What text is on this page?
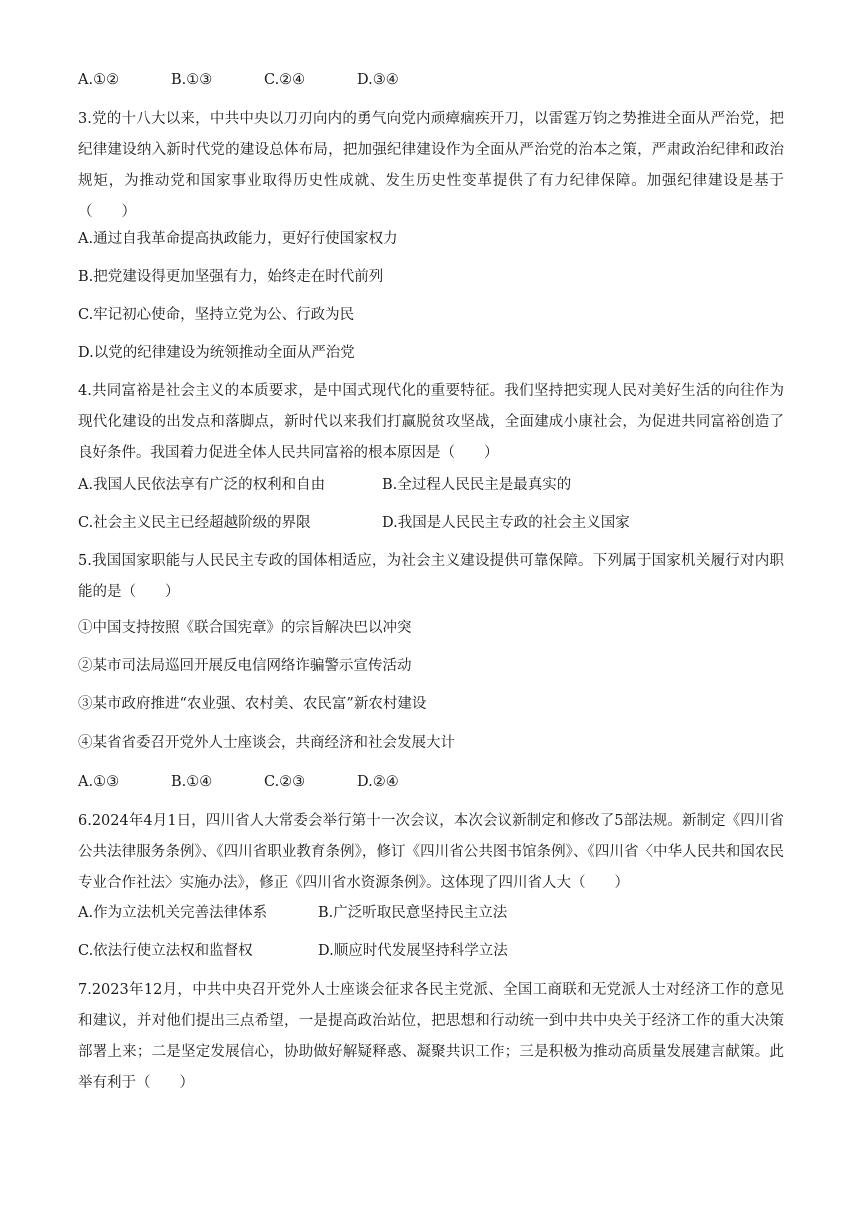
A.①②	B.①③	C.②④	D.③④
3.党的十八大以来，中共中央以刀刃向内的勇气向党内顽瘴痼疾开刀，以雷霆万钧之势推进全面从严治党，把纪律建设纳入新时代党的建设总体布局，把加强纪律建设作为全面从严治党的治本之策，严肃政治纪律和政治规矩，为推动党和国家事业取得历史性成就、发生历史性变革提供了有力纪律保障。加强纪律建设是基于（　　）
A.通过自我革命提高执政能力，更好行使国家权力
B.把党建设得更加坚强有力，始终走在时代前列
C.牢记初心使命，坚持立党为公、行政为民
D.以党的纪律建设为统领推动全面从严治党
4.共同富裕是社会主义的本质要求，是中国式现代化的重要特征。我们坚持把实现人民对美好生活的向往作为现代化建设的出发点和落脚点，新时代以来我们打赢脱贫攻坚战，全面建成小康社会，为促进共同富裕创造了良好条件。我国着力促进全体人民共同富裕的根本原因是（　　）
A.我国人民依法享有广泛的权利和自由	B.全过程人民民主是最真实的
C.社会主义民主已经超越阶级的界限	D.我国是人民民主专政的社会主义国家
5.我国国家职能与人民民主专政的国体相适应，为社会主义建设提供可靠保障。下列属于国家机关履行对内职能的是（　　）
①中国支持按照《联合国宪章》的宗旨解决巴以冲突
②某市司法局巡回开展反电信网络诈骗警示宣传活动
③某市政府推进“农业强、农村美、农民富”新农村建设
④某省省委召开党外人士座谈会，共商经济和社会发展大计
A.①③	B.①④	C.②③	D.②④
6.2024年4月1日，四川省人大常委会举行第十一次会议，本次会议新制定和修改了5部法规。新制定《四川省公共法律服务条例》、《四川省职业教育条例》，修订《四川省公共图书馆条例》、《四川省〈中华人民共和国农民专业合作社法〉实施办法》，修正《四川省水资源条例》。这体现了四川省人大（　　）
A.作为立法机关完善法律体系	B.广泛听取民意坚持民主立法
C.依法行使立法权和监督权	D.顺应时代发展坚持科学立法
7.2023年12月，中共中央召开党外人士座谈会征求各民主党派、全国工商联和无党派人士对经济工作的意见和建议，并对他们提出三点希望，一是提高政治站位，把思想和行动统一到中共中央关于经济工作的重大决策部署上来；二是坚定发展信心，协助做好解疑释惑、凝聚共识工作；三是积极为推动高质量发展建言献策。此举有利于（　　）
